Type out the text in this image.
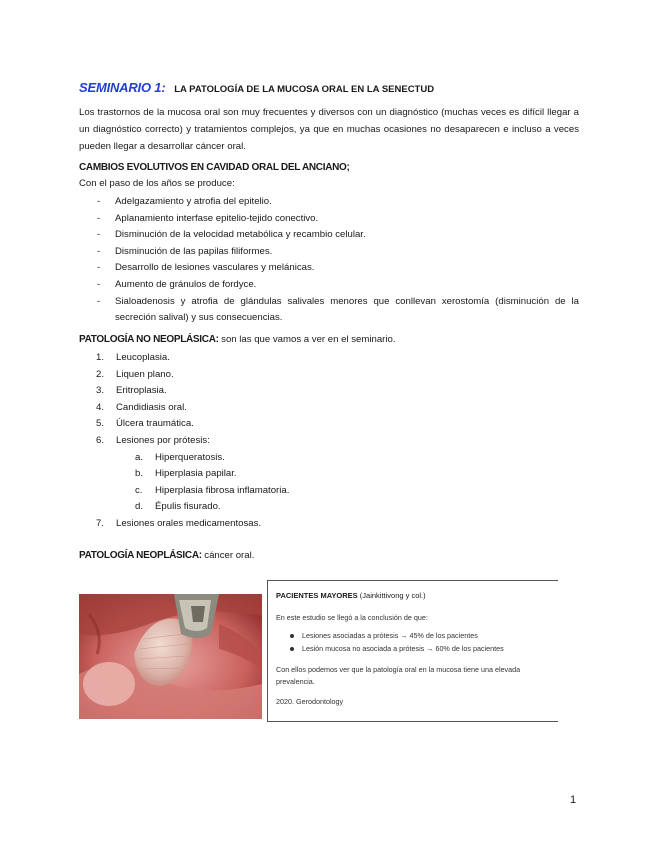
SEMINARIO 1: LA PATOLOGÍA DE LA MUCOSA ORAL EN LA SENECTUD
Los trastornos de la mucosa oral son muy frecuentes y diversos con un diagnóstico (muchas veces es difícil llegar a un diagnóstico correcto) y tratamientos complejos, ya que en muchas ocasiones no desaparecen e incluso a veces pueden llegar a desarrollar cáncer oral.
CAMBIOS EVOLUTIVOS EN CAVIDAD ORAL DEL ANCIANO;
Con el paso de los años se produce:
- Adelgazamiento y atrofia del epitelio.
- Aplanamiento interfase epitelio-tejido conectivo.
- Disminución de la velocidad metabólica y recambio celular.
- Disminución de las papilas filiformes.
- Desarrollo de lesiones vasculares y melánicas.
- Aumento de gránulos de fordyce.
- Sialoadenosis y atrofia de glándulas salivales menores que conllevan xerostomía (disminución de la secreción salival) y sus consecuencias.
PATOLOGÍA NO NEOPLÁSICA: son las que vamos a ver en el seminario.
1. Leucoplasia.
2. Liquen plano.
3. Eritroplasia.
4. Candidiasis oral.
5. Úlcera traumática.
6. Lesiones por prótesis:
a. Hiperqueratosis.
b. Hiperplasia papilar.
c. Hiperplasia fibrosa inflamatoria.
d. Épulis fisurado.
7. Lesiones orales medicamentosas.
PATOLOGÍA NEOPLÁSICA: cáncer oral.
PACIENTES MAYORES (Jainkittivong y col.)
En este estudio se llegó a la conclusión de que:
Lesiones asociadas a prótesis → 45% de los pacientes
Lesión mucosa no asociada a prótesis → 60% de los pacientes
Con ellos podemos ver que la patología oral en la mucosa tiene una elevada
prevalencia.
2020. Gerodontology
1
